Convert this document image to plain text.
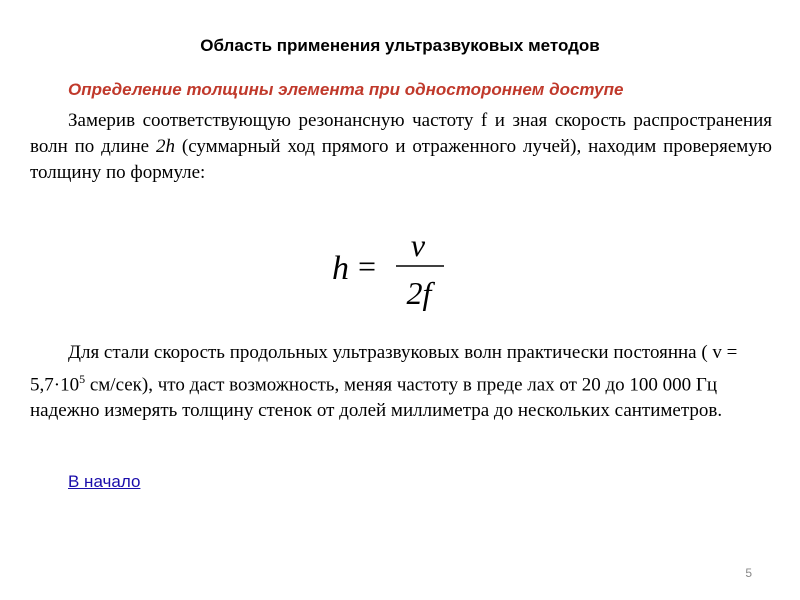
Область применения ультразвуковых методов
Определение толщины элемента при одностороннем доступе
Замерив соответствующую резонансную частоту f и зная скорость распространения волн по длине 2h (суммарный ход прямого и отраженного лучей), находим проверяемую толщину по формуле:
h =
v
2f
Для стали скорость продольных ультразвуковых волн практически постоянна ( $v = 5,7\cdot 10^5$ см/сек), что даст возможность, меняя частоту в преде лах от 20 до 100 000 Гц надежно измерять толщину стенок от долей миллиметра до нескольких сантиметров.
В начало
5
